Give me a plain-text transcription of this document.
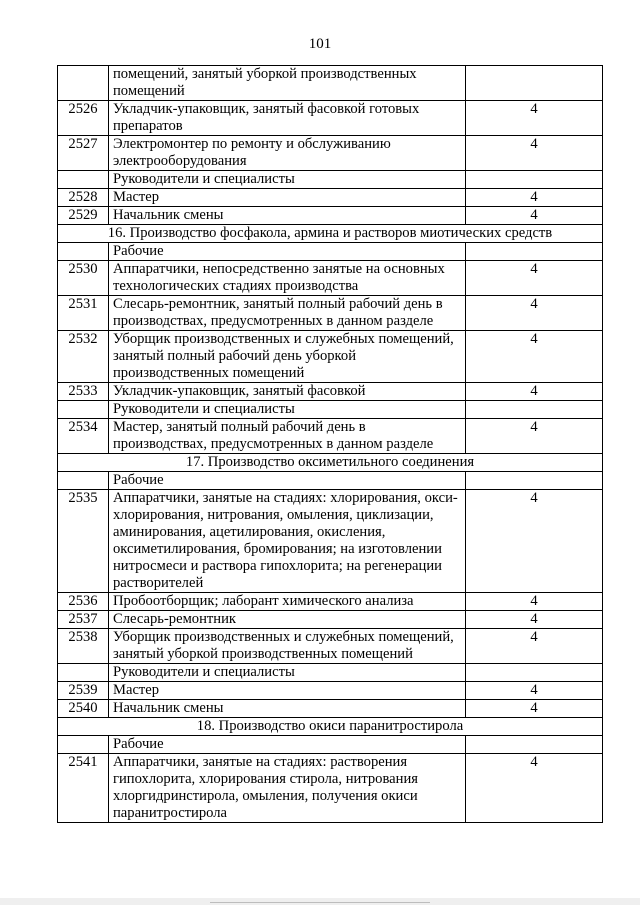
101
	помещений, занятый уборкой производственных помещений	
2526	Укладчик-упаковщик, занятый фасовкой готовых препаратов	4
2527	Электромонтер по ремонту и обслуживанию электрооборудования	4
	Руководители и специалисты	
2528	Мастер	4
2529	Начальник смены	4
16. Производство фосфакола, армина и растворов миотических средств		
	Рабочие	
2530	Аппаратчики, непосредственно занятые на основных технологических стадиях производства	4
2531	Слесарь-ремонтник, занятый полный рабочий день в производствах, предусмотренных в данном разделе	4
2532	Уборщик производственных и служебных помещений, занятый полный рабочий день уборкой производственных помещений	4
2533	Укладчик-упаковщик, занятый фасовкой	4
	Руководители и специалисты	
2534	Мастер, занятый полный рабочий день в производствах, предусмотренных в данном разделе	4
17. Производство оксиметильного соединения		
	Рабочие	
2535	Аппаратчики, занятые на стадиях: хлорирования, окси-хлорирования, нитрования, омыления, циклизации, аминирования, ацетилирования, окисления, оксиметилирования, бромирования; на изготовлении нитросмеси и раствора гипохлорита; на регенерации растворителей	4
2536	Пробоотборщик; лаборант химического анализа	4
2537	Слесарь-ремонтник	4
2538	Уборщик производственных и служебных помещений, занятый уборкой производственных помещений	4
	Руководители и специалисты	
2539	Мастер	4
2540	Начальник смены	4
18. Производство окиси паранитростирола		
	Рабочие	
2541	Аппаратчики, занятые на стадиях: растворения гипохлорита, хлорирования стирола, нитрования хлоргидринстирола, омыления, получения окиси паранитростирола	4
